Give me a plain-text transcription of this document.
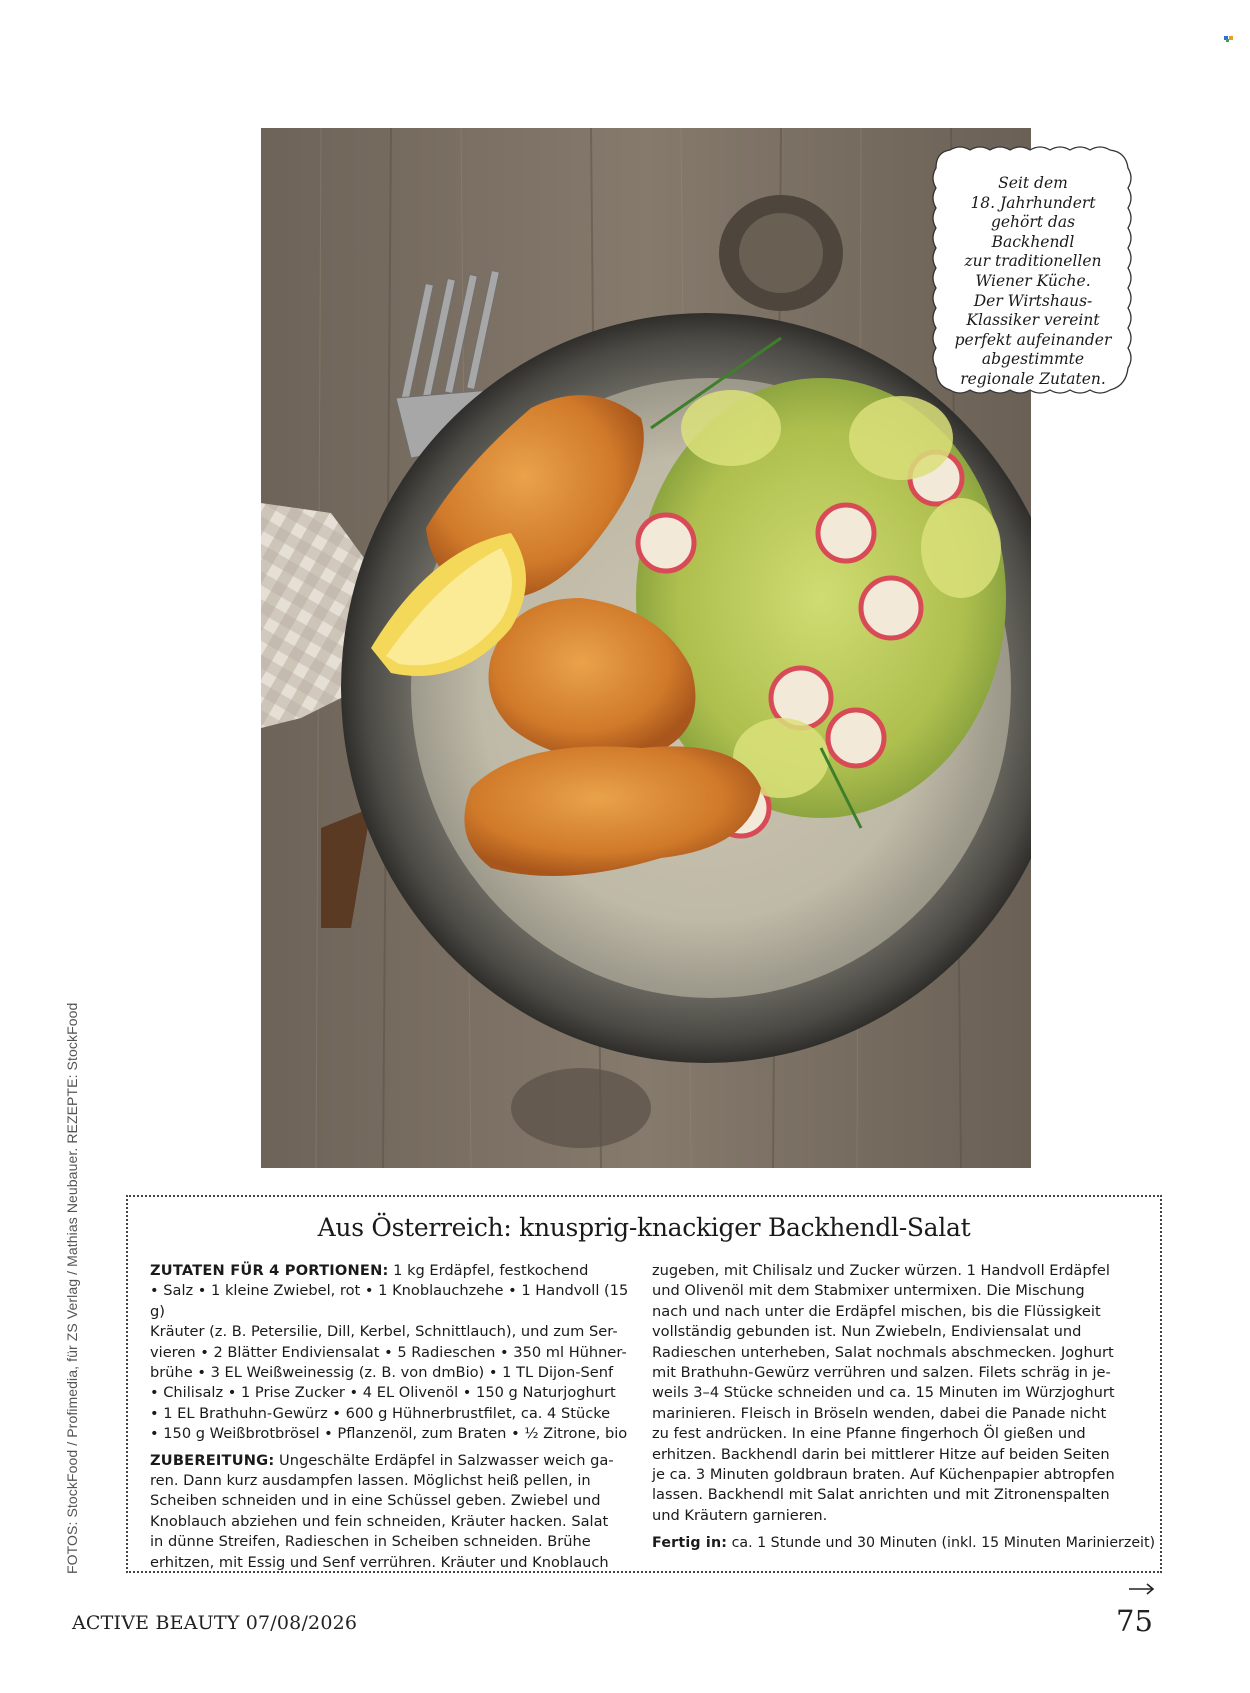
Seit dem
18. Jahrhundert
gehört das Backhendl
zur traditionellen
Wiener Küche.
Der Wirtshaus-
Klassiker vereint
perfekt aufeinander
abgestimmte
regionale Zutaten.
FOTOS: StockFood / Profimedia, für ZS Verlag / Mathias Neubauer. REZEPTE: StockFood	Aus Österreich: knusprig-knackiger Backhendl-Salat
ZUTATEN FÜR 4 PORTIONEN: 1 kg Erdäpfel, festkochend
• Salz • 1 kleine Zwiebel, rot • 1 Knoblauchzehe • 1 Handvoll (15 g)
Kräuter (z. B. Petersilie, Dill, Kerbel, Schnittlauch), und zum Ser-
vieren • 2 Blätter Endiviensalat • 5 Radieschen • 350 ml Hühner-
brühe • 3 EL Weißweinessig (z. B. von dmBio) • 1 TL Dijon-Senf
• Chilisalz • 1 Prise Zucker • 4 EL Olivenöl • 150 g Naturjoghurt
• 1 EL Brathuhn-Gewürz • 600 g Hühnerbrustfilet, ca. 4 Stücke
• 150 g Weißbrotbrösel • Pflanzenöl, zum Braten • ½ Zitrone, bio

ZUBEREITUNG: Ungeschälte Erdäpfel in Salzwasser weich ga-
ren. Dann kurz ausdampfen lassen. Möglichst heiß pellen, in
Scheiben schneiden und in eine Schüssel geben. Zwiebel und
Knoblauch abziehen und fein schneiden, Kräuter hacken. Salat
in dünne Streifen, Radieschen in Scheiben schneiden. Brühe
erhitzen, mit Essig und Senf verrühren. Kräuter und Knoblauch
zugeben, mit Chilisalz und Zucker würzen. 1 Handvoll Erdäpfel
und Olivenöl mit dem Stabmixer untermixen. Die Mischung
nach und nach unter die Erdäpfel mischen, bis die Flüssigkeit
vollständig gebunden ist. Nun Zwiebeln, Endiviensalat und
Radieschen unterheben, Salat nochmals abschmecken. Joghurt
mit Brathuhn-Gewürz verrühren und salzen. Filets schräg in je-
weils 3–4 Stücke schneiden und ca. 15 Minuten im Würzjoghurt
marinieren. Fleisch in Bröseln wenden, dabei die Panade nicht
zu fest andrücken. In eine Pfanne fingerhoch Öl gießen und
erhitzen. Backhendl darin bei mittlerer Hitze auf beiden Seiten
je ca. 3 Minuten goldbraun braten. Auf Küchenpapier abtropfen
lassen. Backhendl mit Salat anrichten und mit Zitronenspalten
und Kräutern garnieren.
Fertig in: ca. 1 Stunde und 30 Minuten (inkl. 15 Minuten Marinierzeit)
ACTIVE BEAUTY 07/08/2026	75
